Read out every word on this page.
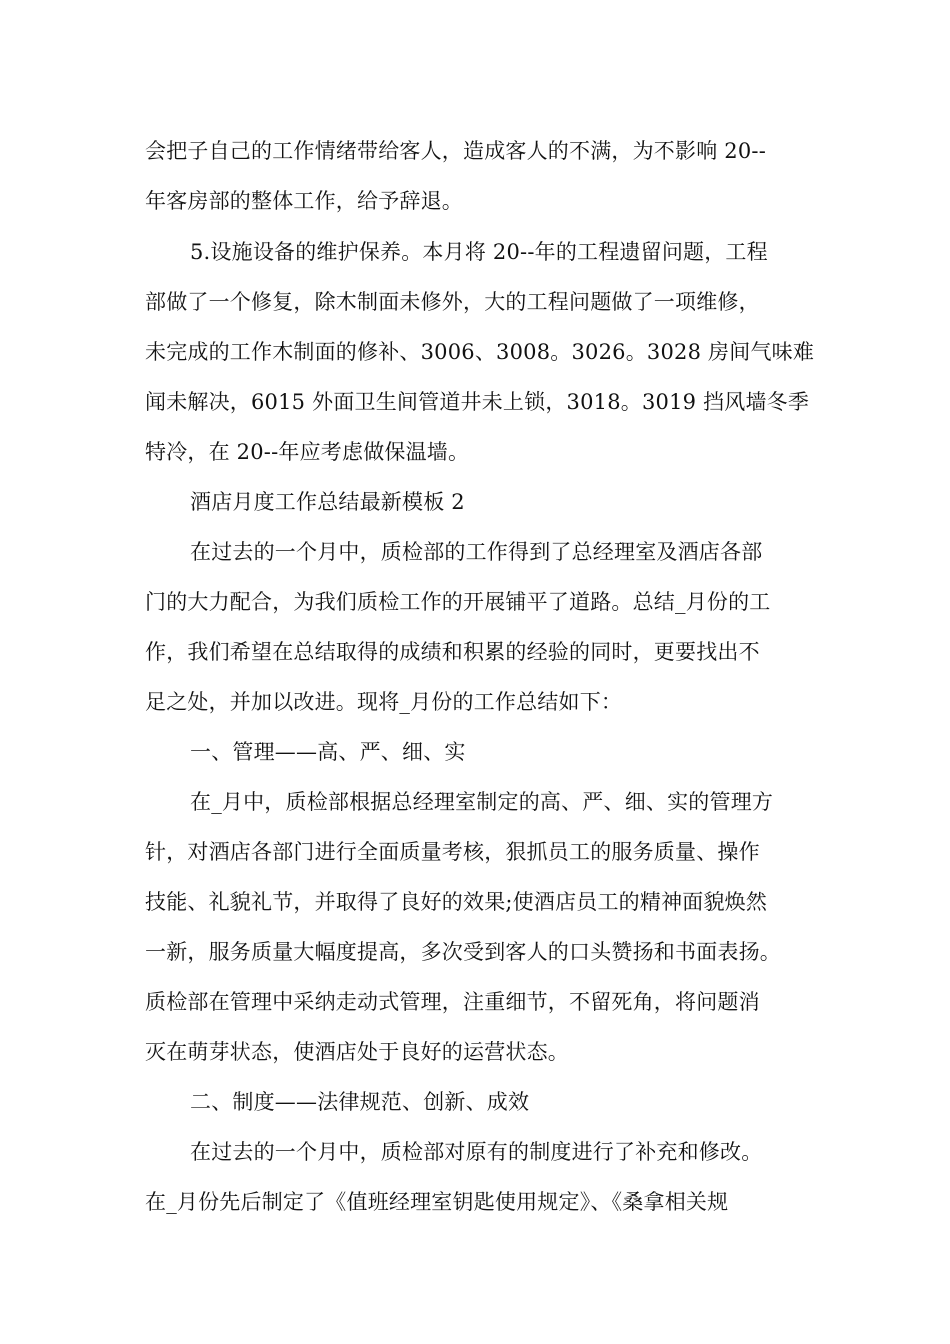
会把子自己的工作情绪带给客人，造成客人的不满，为不影响 20--
年客房部的整体工作，给予辞退。
5.设施设备的维护保养。本月将 20--年的工程遗留问题，工程
部做了一个修复，除木制面未修外，大的工程问题做了一项维修，
未完成的工作木制面的修补、3006、3008。3026。3028 房间气味难
闻未解决，6015 外面卫生间管道井未上锁，3018。3019 挡风墙冬季
特冷，在 20--年应考虑做保温墙。
酒店月度工作总结最新模板 2
在过去的一个月中，质检部的工作得到了总经理室及酒店各部
门的大力配合，为我们质检工作的开展铺平了道路。总结_月份的工
作，我们希望在总结取得的成绩和积累的经验的同时，更要找出不
足之处，并加以改进。现将_月份的工作总结如下：
一、管理——高、严、细、实
在_月中，质检部根据总经理室制定的高、严、细、实的管理方
针，对酒店各部门进行全面质量考核，狠抓员工的服务质量、操作
技能、礼貌礼节，并取得了良好的效果;使酒店员工的精神面貌焕然
一新，服务质量大幅度提高，多次受到客人的口头赞扬和书面表扬。
质检部在管理中采纳走动式管理，注重细节，不留死角，将问题消
灭在萌芽状态，使酒店处于良好的运营状态。
二、制度——法律规范、创新、成效
在过去的一个月中，质检部对原有的制度进行了补充和修改。
在_月份先后制定了《值班经理室钥匙使用规定》、《桑拿相关规
